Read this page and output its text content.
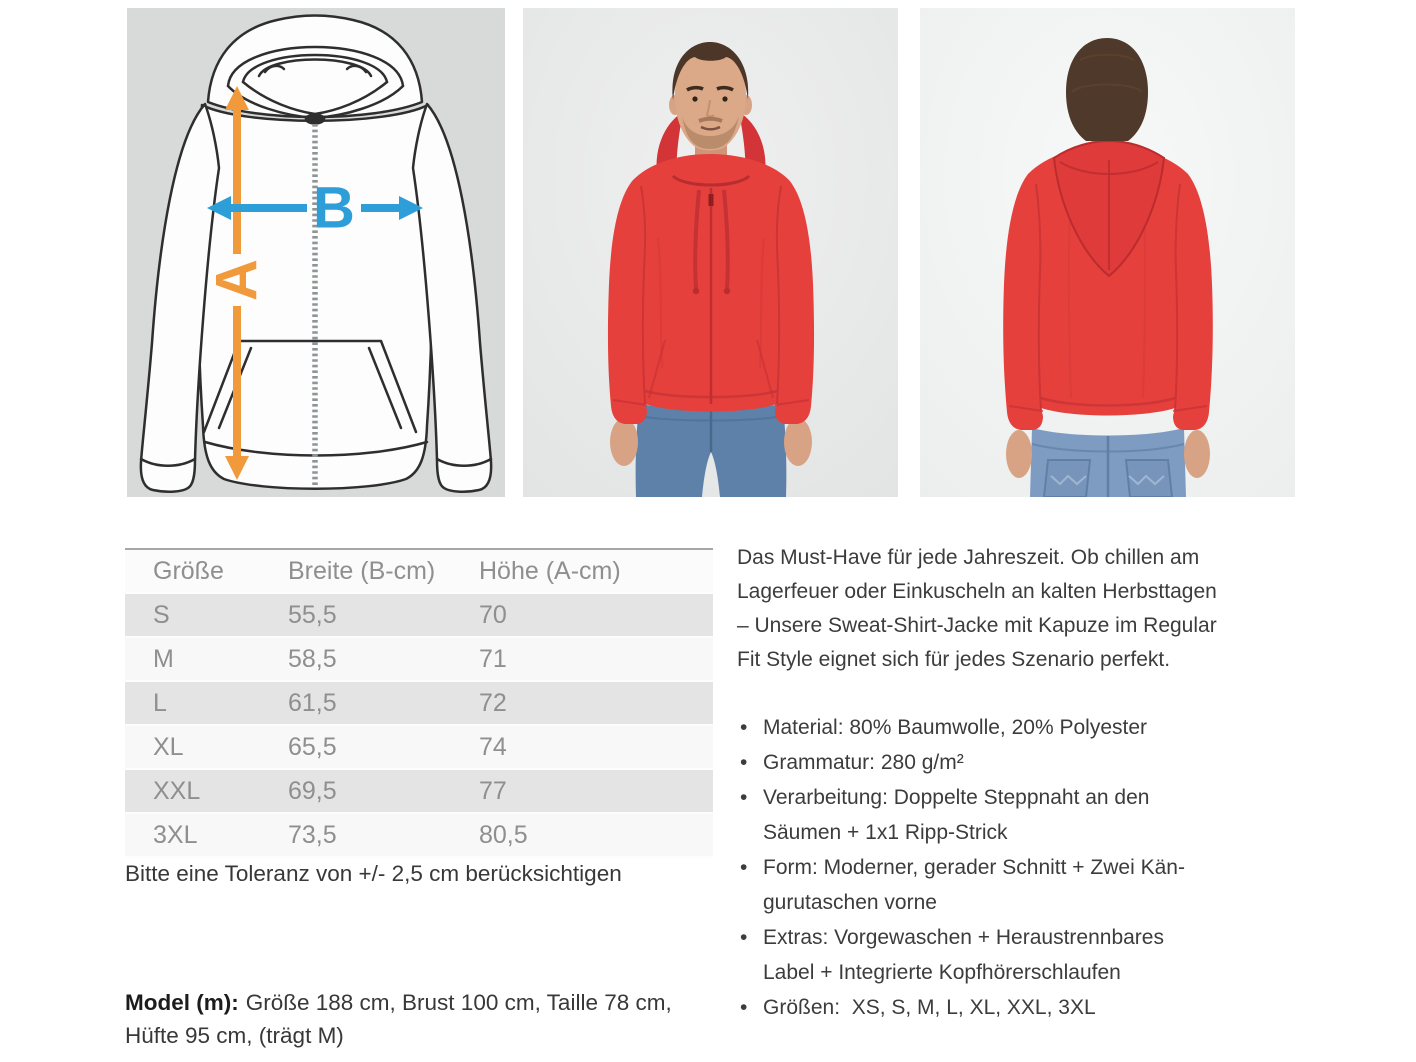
A
B
Größe	Breite (B-cm)	Höhe (A-cm)
S	55,5	70
M	58,5	71
L	61,5	72
XL	65,5	74
XXL	69,5	77
3XL	73,5	80,5

Bitte eine Toleranz von +/- 2,5 cm berücksichtigen

Model (m): Größe 188 cm, Brust 100 cm, Taille 78 cm, Hüfte 95 cm, (trägt M)

Das Must-Have für jede Jahreszeit. Ob chillen am Lagerfeuer oder Einkuscheln an kalten Herbsttagen – Unsere Sweat-Shirt-Jacke mit Kapuze im Regular Fit Style eignet sich für jedes Szenario perfekt.

• Material: 80% Baumwolle, 20% Polyester
• Grammatur: 280 g/m²
• Verarbeitung: Doppelte Steppnaht an den Säumen + 1x1 Ripp-Strick
• Form: Moderner, gerader Schnitt + Zwei Kängurutaschen vorne
• Extras: Vorgewaschen + Heraustrennbares Label + Integrierte Kopfhörerschlaufen
• Größen:  XS, S, M, L, XL, XXL, 3XL
